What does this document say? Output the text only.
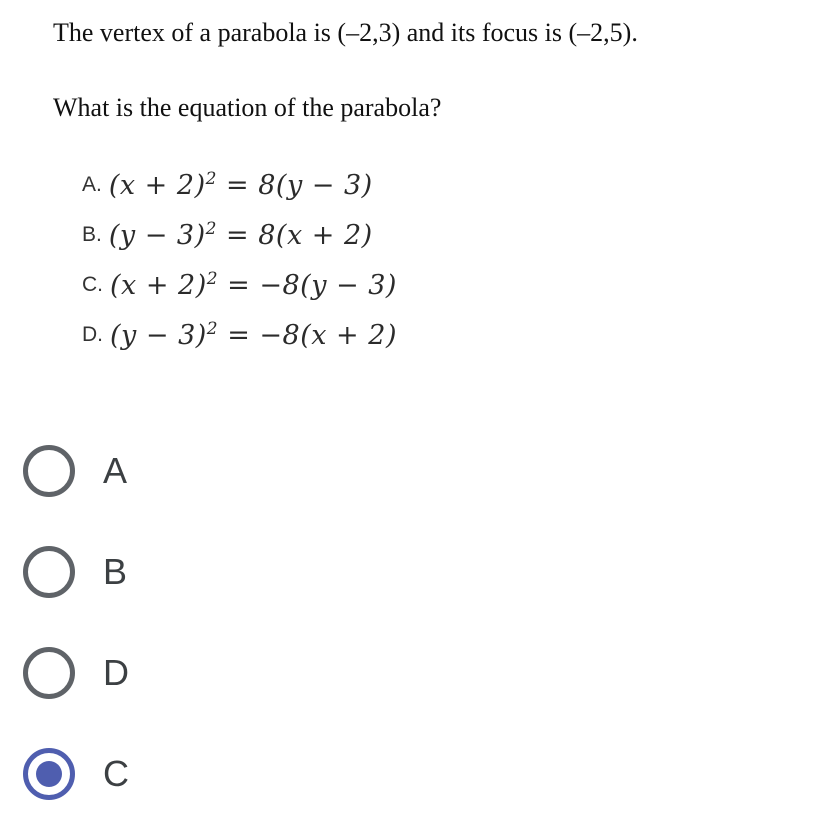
The vertex of a parabola is (–2,3) and its focus is (–2,5).

What is the equation of the parabola?

A. $(x + 2)^2 = 8(y - 3)$
B. $(y - 3)^2 = 8(x + 2)$
C. $(x + 2)^2 = -8(y - 3)$
D. $(y - 3)^2 = -8(x + 2)$
A
B
D
C
